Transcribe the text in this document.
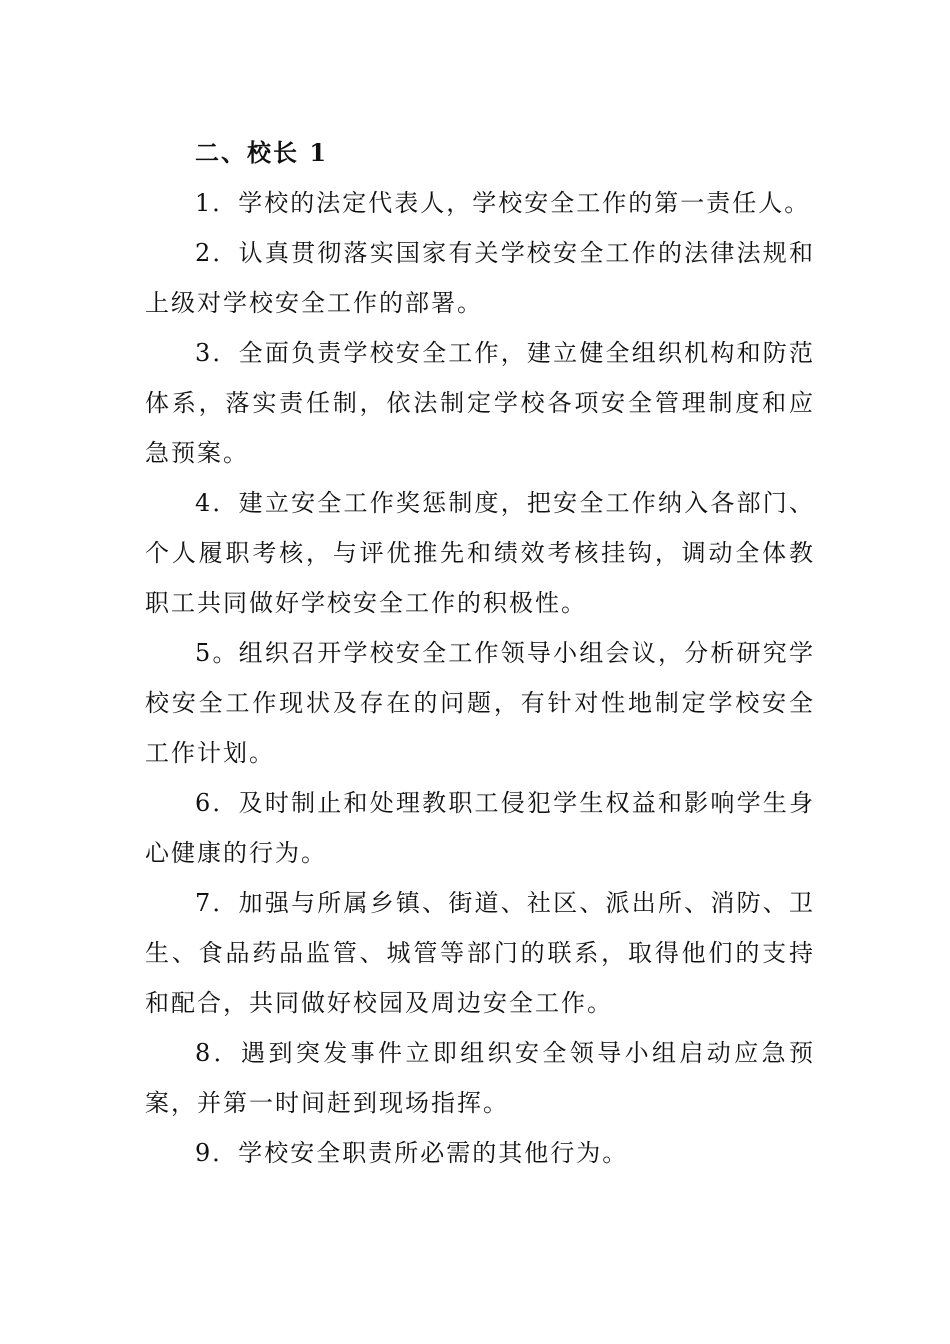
二、校长 1

1．学校的法定代表人，学校安全工作的第一责任人。

2．认真贯彻落实国家有关学校安全工作的法律法规和上级对学校安全工作的部署。

3．全面负责学校安全工作，建立健全组织机构和防范体系，落实责任制，依法制定学校各项安全管理制度和应急预案。

4．建立安全工作奖惩制度，把安全工作纳入各部门、个人履职考核，与评优推先和绩效考核挂钩，调动全体教职工共同做好学校安全工作的积极性。

5。组织召开学校安全工作领导小组会议，分析研究学校安全工作现状及存在的问题，有针对性地制定学校安全工作计划。

6．及时制止和处理教职工侵犯学生权益和影响学生身心健康的行为。

7．加强与所属乡镇、街道、社区、派出所、消防、卫生、食品药品监管、城管等部门的联系，取得他们的支持和配合，共同做好校园及周边安全工作。

8．遇到突发事件立即组织安全领导小组启动应急预案，并第一时间赶到现场指挥。

9．学校安全职责所必需的其他行为。
